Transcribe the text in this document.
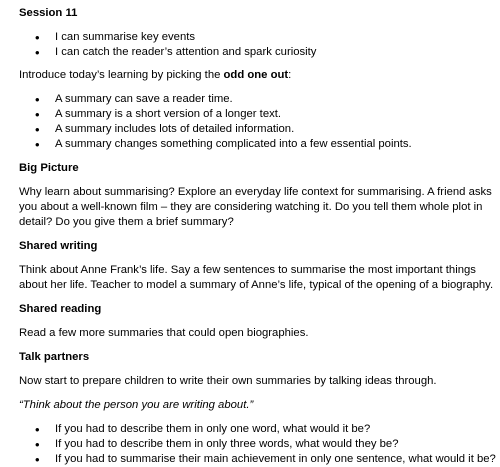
Session 11
• I can summarise key events
• I can catch the reader’s attention and spark curiosity

Introduce today’s learning by picking the odd one out:

• A summary can save a reader time.
• A summary is a short version of a longer text.
• A summary includes lots of detailed information.
• A summary changes something complicated into a few essential points.
Big Picture

Why learn about summarising? Explore an everyday life context for summarising. A friend asks you about a well-known film – they are considering watching it. Do you tell them whole plot in detail? Do you give them a brief summary?

Shared writing

Think about Anne Frank’s life. Say a few sentences to summarise the most important things about her life. Teacher to model a summary of Anne’s life, typical of the opening of a biography.

Shared reading

Read a few more summaries that could open biographies.

Talk partners

Now start to prepare children to write their own summaries by talking ideas through.

“Think about the person you are writing about.”

• If you had to describe them in only one word, what would it be?
• If you had to describe them in only three words, what would they be?
• If you had to summarise their main achievement in only one sentence, what would it be?
